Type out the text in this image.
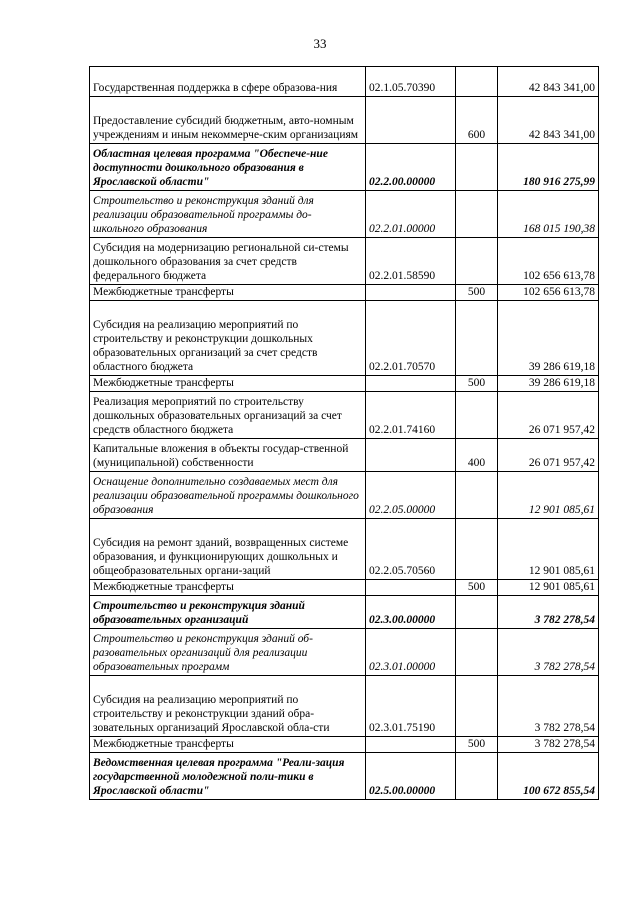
33
Государственная поддержка в сфере образова-ния	02.1.05.70390		42 843 341,00
Предоставление субсидий бюджетным, авто-номным учреждениям и иным некоммерче-ским организациям		600	42 843 341,00
Областная целевая программа "Обеспече-ние доступности дошкольного образования в Ярославской области"	02.2.00.00000		180 916 275,99
Строительство и реконструкция зданий для реализации образовательной программы до-школьного образования	02.2.01.00000		168 015 190,38
Субсидия на модернизацию региональной си-стемы дошкольного образования за счет средств федерального бюджета	02.2.01.58590		102 656 613,78
Межбюджетные трансферты		500	102 656 613,78
Субсидия на реализацию мероприятий по строительству и реконструкции дошкольных образовательных организаций за счет средств областного бюджета	02.2.01.70570		39 286 619,18
Межбюджетные трансферты		500	39 286 619,18
Реализация мероприятий по строительству дошкольных образовательных организаций за счет средств областного бюджета	02.2.01.74160		26 071 957,42
Капитальные вложения в объекты государ-ственной (муниципальной) собственности		400	26 071 957,42
Оснащение дополнительно создаваемых мест для реализации образовательной программы дошкольного образования	02.2.05.00000		12 901 085,61
Субсидия на ремонт зданий, возвращенных системе образования, и функционирующих дошкольных и общеобразовательных органи-заций	02.2.05.70560		12 901 085,61
Межбюджетные трансферты		500	12 901 085,61
Строительство и реконструкция зданий образовательных организаций	02.3.00.00000		3 782 278,54
Строительство и реконструкция зданий об-разовательных организаций для реализации образовательных программ	02.3.01.00000		3 782 278,54
Субсидия на реализацию мероприятий по строительству и реконструкции зданий обра-зовательных организаций Ярославской обла-сти	02.3.01.75190		3 782 278,54
Межбюджетные трансферты		500	3 782 278,54
Ведомственная целевая программа "Реали-зация государственной молодежной поли-тики в Ярославской области"	02.5.00.00000		100 672 855,54
